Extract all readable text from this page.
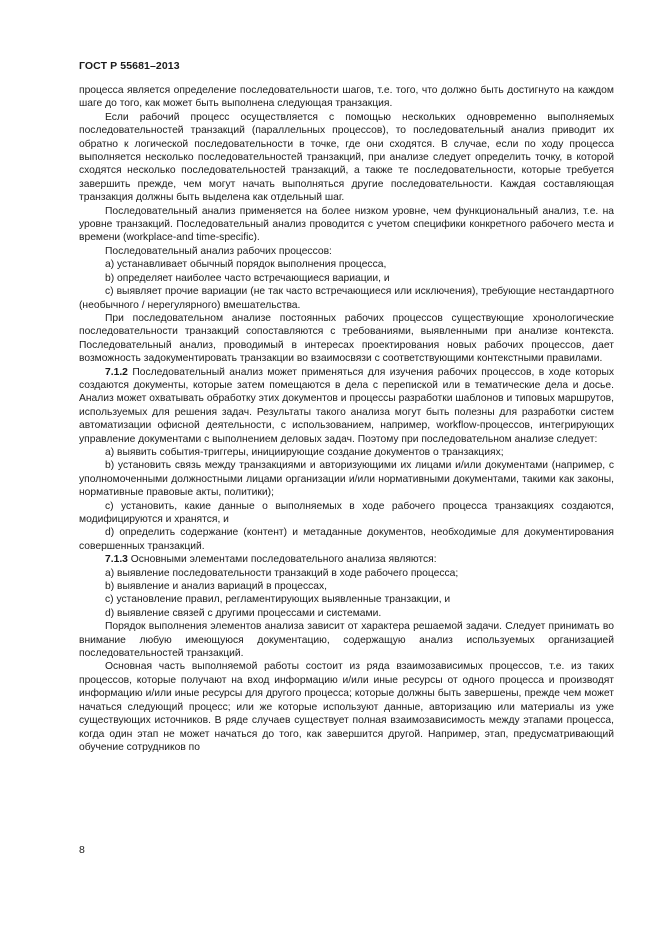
ГОСТ Р 55681–2013

процесса является определение последовательности шагов, т.е. того, что должно быть достигнуто на каждом шаге до того, как может быть выполнена следующая транзакция.

Если рабочий процесс осуществляется с помощью нескольких одновременно выполняемых последовательностей транзакций (параллельных процессов), то последовательный анализ приводит их обратно к логической последовательности в точке, где они сходятся. В случае, если по ходу процесса выполняется несколько последовательностей транзакций, при анализе следует определить точку, в которой сходятся несколько последовательностей транзакций, а также те последовательности, которые требуется завершить прежде, чем могут начать выполняться другие последовательности. Каждая составляющая транзакция должны быть выделена как отдельный шаг.

Последовательный анализ применяется на более низком уровне, чем функциональный анализ, т.е. на уровне транзакций. Последовательный анализ проводится с учетом специфики конкретного рабочего места и времени (workplace-and time-specific).

Последовательный анализ рабочих процессов:

a) устанавливает обычный порядок выполнения процесса,

b) определяет наиболее часто встречающиеся вариации, и

c) выявляет прочие вариации (не так часто встречающиеся или исключения), требующие нестандартного (необычного / нерегулярного) вмешательства.

При последовательном анализе постоянных рабочих процессов существующие хронологические последовательности транзакций сопоставляются с требованиями, выявленными при анализе контекста. Последовательный анализ, проводимый в интересах проектирования новых рабочих процессов, дает возможность задокументировать транзакции во взаимосвязи с соответствующими контекстными правилами.

7.1.2 Последовательный анализ может применяться для изучения рабочих процессов, в ходе которых создаются документы, которые затем помещаются в дела с перепиской или в тематические дела и досье. Анализ может охватывать обработку этих документов и процессы разработки шаблонов и типовых маршрутов, используемых для решения задач. Результаты такого анализа могут быть полезны для разработки систем автоматизации офисной деятельности, с использованием, например, workflow-процессов, интегрирующих управление документами с выполнением деловых задач. Поэтому при последовательном анализе следует:

a) выявить события-триггеры, инициирующие создание документов о транзакциях;

b) установить связь между транзакциями и авторизующими их лицами и/или документами (например, с уполномоченными должностными лицами организации и/или нормативными документами, такими как законы, нормативные правовые акты, политики);

c) установить, какие данные о выполняемых в ходе рабочего процесса транзакциях создаются, модифицируются и хранятся, и

d) определить содержание (контент) и метаданные документов, необходимые для документирования совершенных транзакций.

7.1.3 Основными элементами последовательного анализа являются:

a) выявление последовательности транзакций в ходе рабочего процесса;

b) выявление и анализ вариаций в процессах,

c) установление правил, регламентирующих выявленные транзакции, и

d) выявление связей с другими процессами и системами.

Порядок выполнения элементов анализа зависит от характера решаемой задачи. Следует принимать во внимание любую имеющуюся документацию, содержащую анализ используемых организацией последовательностей транзакций.

Основная часть выполняемой работы состоит из ряда взаимозависимых процессов, т.е. из таких процессов, которые получают на вход информацию и/или иные ресурсы от одного процесса и производят информацию и/или иные ресурсы для другого процесса; которые должны быть завершены, прежде чем может начаться следующий процесс; или же которые используют данные, авторизацию или материалы из уже существующих источников. В ряде случаев существует полная взаимозависимость между этапами процесса, когда один этап не может начаться до того, как завершится другой. Например, этап, предусматривающий обучение сотрудников по

8
